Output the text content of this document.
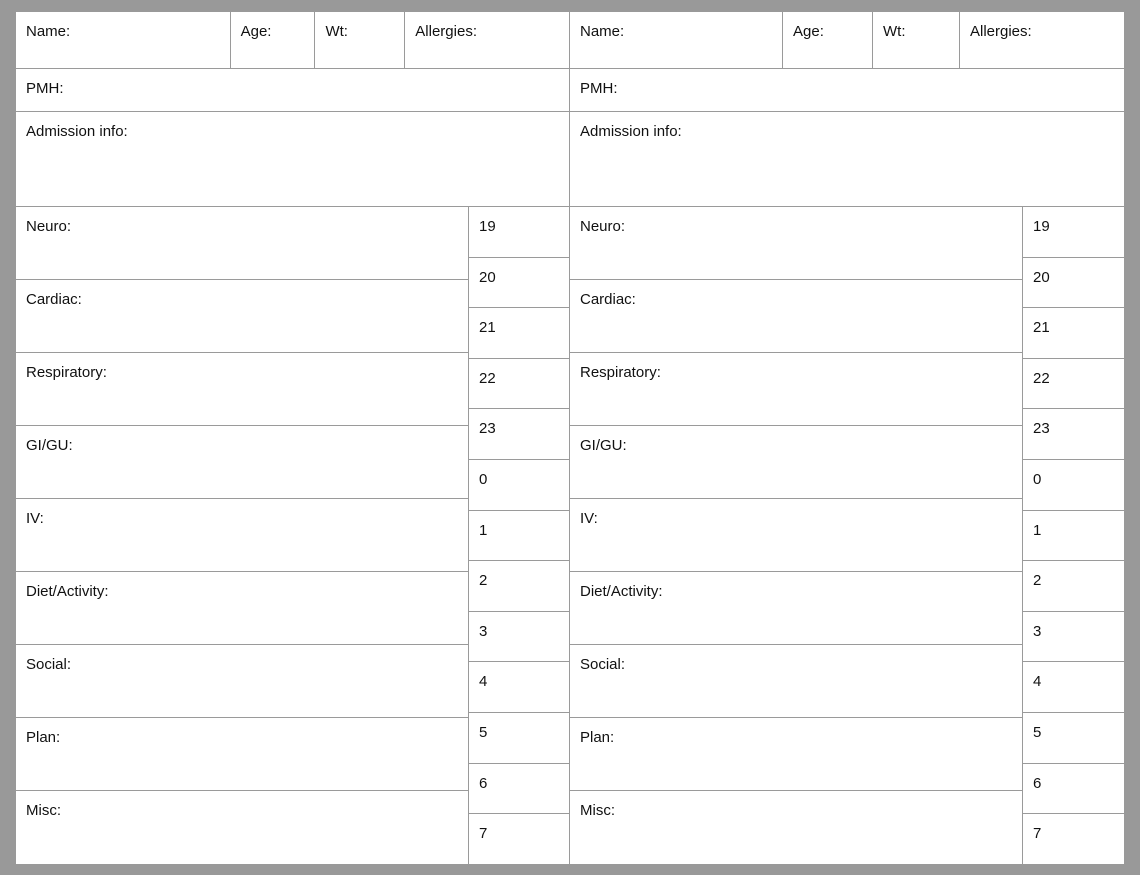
Name:	Age:	Wt:	Allergies:
PMH:
Admission info:
Neuro:
Cardiac:
Respiratory:
GI/GU:
IV:
Diet/Activity:
Social:
Plan:
Misc:
19
20
21
22
23
0
1
2
3
4
5
6
7
Name:	Age:	Wt:	Allergies:
PMH:
Admission info:
Neuro:
Cardiac:
Respiratory:
GI/GU:
IV:
Diet/Activity:
Social:
Plan:
Misc:
19
20
21
22
23
0
1
2
3
4
5
6
7
